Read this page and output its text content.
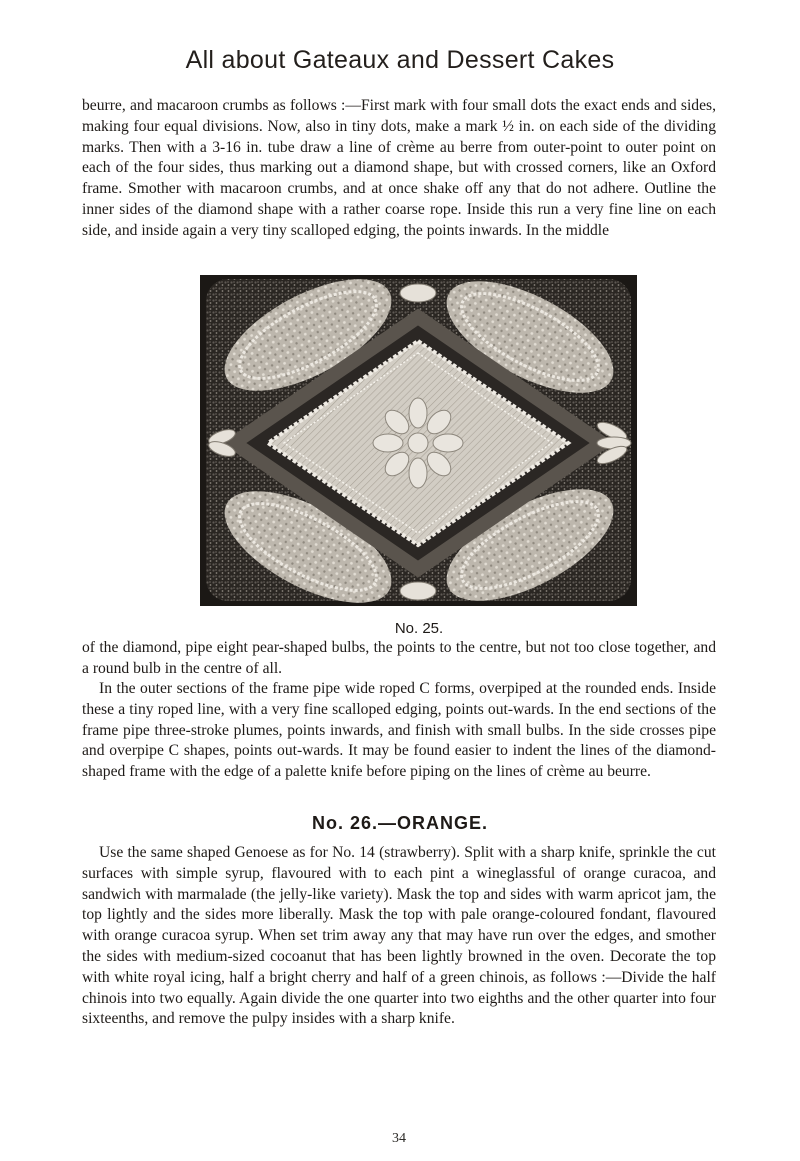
All about Gateaux and Dessert Cakes

beurre, and macaroon crumbs as follows :—First mark with four small dots the exact ends and sides, making four equal divisions. Now, also in tiny dots, make a mark ½ in. on each side of the dividing marks. Then with a 3-16 in. tube draw a line of crème au berre from outer-point to outer point on each of the four sides, thus marking out a diamond shape, but with crossed corners, like an Oxford frame. Smother with macaroon crumbs, and at once shake off any that do not adhere. Outline the inner sides of the diamond shape with a rather coarse rope. Inside this run a very fine line on each side, and inside again a very tiny scalloped edging, the points inwards. In the middle

No. 25.

of the diamond, pipe eight pear-shaped bulbs, the points to the centre, but not too close together, and a round bulb in the centre of all.

In the outer sections of the frame pipe wide roped C forms, overpiped at the rounded ends. Inside these a tiny roped line, with a very fine scalloped edging, points out-wards. In the end sections of the frame pipe three-stroke plumes, points inwards, and finish with small bulbs. In the side crosses pipe and overpipe C shapes, points out-wards. It may be found easier to indent the lines of the diamond-shaped frame with the edge of a palette knife before piping on the lines of crème au beurre.

No. 26.—ORANGE.

Use the same shaped Genoese as for No. 14 (strawberry). Split with a sharp knife, sprinkle the cut surfaces with simple syrup, flavoured with to each pint a wineglassful of orange curacoa, and sandwich with marmalade (the jelly-like variety). Mask the top and sides with warm apricot jam, the top lightly and the sides more liberally. Mask the top with pale orange-coloured fondant, flavoured with orange curacoa syrup. When set trim away any that may have run over the edges, and smother the sides with medium-sized cocoanut that has been lightly browned in the oven. Decorate the top with white royal icing, half a bright cherry and half of a green chinois, as follows :—Divide the half chinois into two equally. Again divide the one quarter into two eighths and the other quarter into four sixteenths, and remove the pulpy insides with a sharp knife.

34
